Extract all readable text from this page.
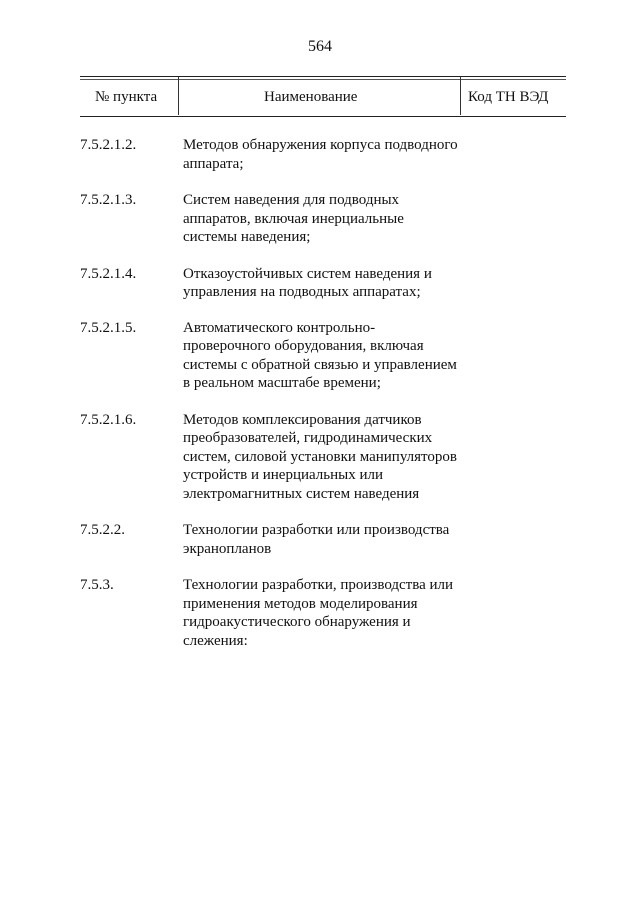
564
№ пункта	Наименование	Код ТН ВЭД
7.5.2.1.2.	Методов обнаружения корпуса подводного аппарата;
7.5.2.1.3.	Систем наведения для подводных аппаратов, включая инерциальные системы наведения;
7.5.2.1.4.	Отказоустойчивых систем наведения и управления на подводных аппаратах;
7.5.2.1.5.	Автоматического контрольно-проверочного оборудования, включая системы с обратной связью и управлением в реальном масштабе времени;
7.5.2.1.6.	Методов комплексирования датчиков преобразователей, гидродинамических систем, силовой установки манипуляторов устройств и инерциальных или электромагнитных систем наведения
7.5.2.2.	Технологии разработки или производства экранопланов
7.5.3.	Технологии разработки, производства или применения методов моделирования гидроакустического обнаружения и слежения:
